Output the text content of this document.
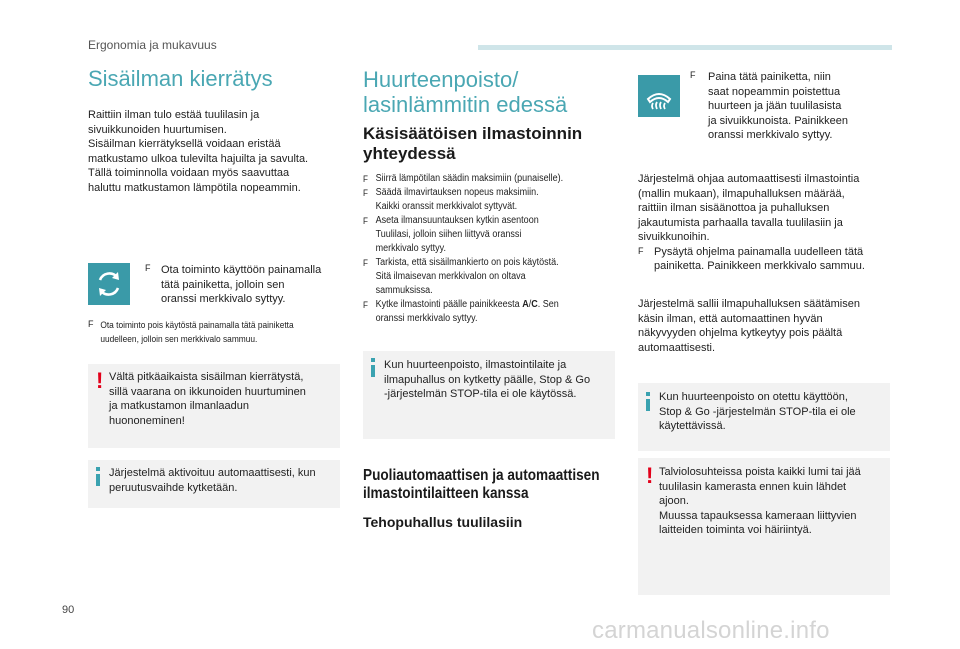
Ergonomia ja mukavuus
Sisäilman kierrätys

Raittiin ilman tulo estää tuulilasin ja

sivuikkunoiden huurtumisen.

Sisäilman kierrätyksellä voidaan eristää

matkustamo ulkoa tulevilta hajuilta ja savulta.

Tällä toiminnolla voidaan myös saavuttaa

haluttu matkustamon lämpötila nopeammin.

F Ota toiminto käyttöön painamalla

tätä painiketta, jolloin sen

oranssi merkkivalo syttyy.

F Ota toiminto pois käytöstä painamalla tätä painiketta

uudelleen, jolloin sen merkkivalo sammuu.

! Vältä pitkäaikaista sisäilman kierrätystä,

sillä vaarana on ikkunoiden huurtuminen

ja matkustamon ilmanlaadun

huononeminen!

Järjestelmä aktivoituu automaattisesti, kun

peruutusvaihde kytketään.

Huurteenpoisto/
lasinlämmitin edessä
Käsisäätöisen ilmastoinnin
yhteydessä
F Siirrä lämpötilan säädin maksimiin (punaiselle).
F Säädä ilmavirtauksen nopeus maksimiin.
Kaikki oranssit merkkivalot syttyvät.
F Aseta ilmansuuntauksen kytkin asentoon
Tuulilasi, jolloin siihen liittyvä oranssi
merkkivalo syttyy.
F Tarkista, että sisäilmankierto on pois käytöstä.
Sitä ilmaisevan merkkivalon on oltava
sammuksissa.
F Kytke ilmastointi päälle painikkeesta A/C. Sen
oranssi merkkivalo syttyy.

Kun huurteenpoisto, ilmastointilaite ja

ilmapuhallus on kytketty päälle, Stop & Go

-järjestelmän STOP-tila ei ole käytössä.

Puoliautomaattisen ja automaattisen
ilmastointilaitteen kanssa
Tehopuhallus tuulilasiin
F Paina tätä painiketta, niin

saat nopeammin poistettua

huurteen ja jään tuulilasista

ja sivuikkunoista. Painikkeen

oranssi merkkivalo syttyy.

Järjestelmä ohjaa automaattisesti ilmastointia

(mallin mukaan), ilmapuhalluksen määrää,

raittiin ilman sisäänottoa ja puhalluksen

jakautumista parhaalla tavalla tuulilasiin ja

sivuikkunoihin.

F Pysäytä ohjelma painamalla uudelleen tätä

painiketta. Painikkeen merkkivalo sammuu.

Järjestelmä sallii ilmapuhalluksen säätämisen

käsin ilman, että automaattinen hyvän

näkyvyyden ohjelma kytkeytyy pois päältä

automaattisesti.

Kun huurteenpoisto on otettu käyttöön,

Stop & Go -järjestelmän STOP-tila ei ole

käytettävissä.

! Talviolosuhteissa poista kaikki lumi tai jää

tuulilasin kamerasta ennen kuin lähdet

ajoon.

Muussa tapauksessa kameraan liittyvien

laitteiden toiminta voi häiriintyä.

90
carmanualsonline.info
